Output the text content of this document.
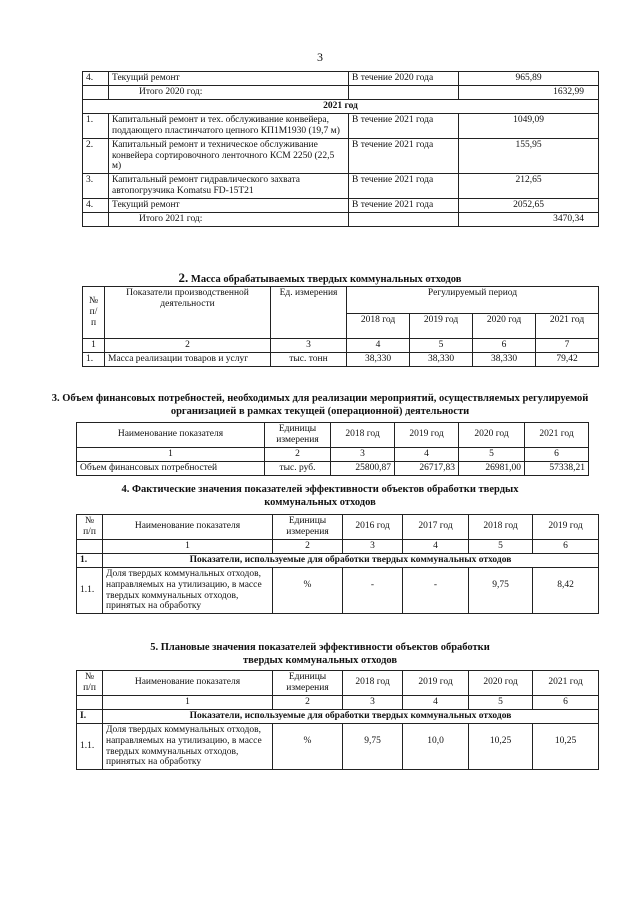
3
4.	Текущий ремонт	В течение 2020 года	965,89
	Итого 2020 год:		1632,99
2021 год			
1.	Капитальный ремонт и тех. обслуживание конвейера, поддающего пластинчатого цепного КП1М1930 (19,7 м)	В течение 2021 года	1049,09
2.	Капитальный ремонт и техническое обслуживание конвейера сортировочного ленточного КСМ 2250 (22,5 м)	В течение 2021 года	155,95
3.	Капитальный ремонт гидравлического захвата автопогрузчика Komatsu FD-15T21	В течение 2021 года	212,65
4.	Текущий ремонт	В течение 2021 года	2052,65
	Итого 2021 год:		3470,34
2. Масса обрабатываемых твердых коммунальных отходов
№ п/ п	Показатели производственной деятельности	Ед. измерения	Регулируемый период			
			2018 год	2019 год	2020 год	2021 год
1	2	3	4	5	6	7
1.	Масса реализации товаров и услуг	тыс. тонн	38,330	38,330	38,330	79,42
3. Объем финансовых потребностей, необходимых для реализации мероприятий, осуществляемых регулируемой организацией в рамках текущей (операционной) деятельности
Наименование показателя	Единицы измерения	2018 год	2019 год	2020 год	2021 год
1	2	3	4	5	6
Объем финансовых потребностей	тыс. руб.	25800,87	26717,83	26981,00	57338,21
4. Фактические значения показателей эффективности объектов обработки твердых коммунальных отходов
№ п/п	Наименование показателя	Единицы измерения	2016 год	2017 год	2018 год	2019 год
	1	2	3	4	5	6
1.	Показатели, используемые для обработки твердых коммунальных отходов					
1.1.	Доля твердых коммунальных отходов, направляемых на утилизацию, в массе твердых коммунальных отходов, принятых на обработку	%	-	-	9,75	8,42
5. Плановые значения показателей эффективности объектов обработки твердых коммунальных отходов
№ п/п	Наименование показателя	Единицы измерения	2018 год	2019 год	2020 год	2021 год
	1	2	3	4	5	6
I.	Показатели, используемые для обработки твердых коммунальных отходов					
1.1.	Доля твердых коммунальных отходов, направляемых на утилизацию, в массе твердых коммунальных отходов, принятых на обработку	%	9,75	10,0	10,25	10,25
